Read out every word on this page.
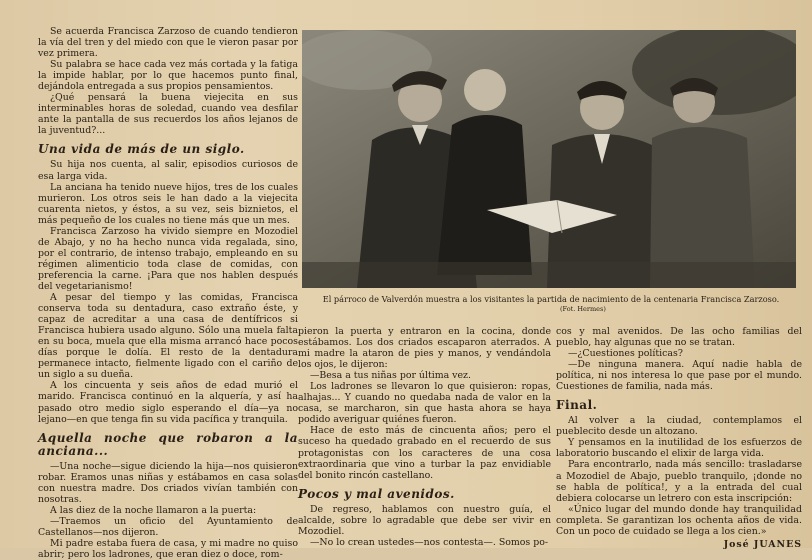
Se acuerda Francisca Zarzoso de cuando tendieron la vía del tren y del miedo con que le vieron pasar por vez primera.

Su palabra se hace cada vez más cortada y la fatiga la impide hablar, por lo que hacemos punto final, dejándola entregada a sus propios pensamientos.

¿Qué pensará la buena viejecita en sus interminables horas de soledad, cuando vea desfilar ante la pantalla de sus recuerdos los años lejanos de la juventud?...

Una vida de más de un siglo.

Su hija nos cuenta, al salir, episodios curiosos de esa larga vida.

La anciana ha tenido nueve hijos, tres de los cuales murieron. Los otros seis le han dado a la viejecita cuarenta nietos, y éstos, a su vez, seis biznietos, el más pequeño de los cuales no tiene más que un mes.

Francisca Zarzoso ha vivido siempre en Mozodiel de Abajo, y no ha hecho nunca vida regalada, sino, por el contrario, de intenso trabajo, empleando en su régimen alimenticio toda clase de comidas, con preferencia la carne. ¡Para que nos hablen después del vegetarianismo!

A pesar del tiempo y las comidas, Francisca conserva toda su dentadura, caso extraño éste, y capaz de acreditar a una casa de dentífricos si Francisca hubiera usado alguno. Sólo una muela falta en su boca, muela que ella misma arrancó hace pocos días porque le dolía. El resto de la dentadura permanece intacto, fielmente ligado con el cariño de un siglo a su dueña.

A los cincuenta y seis años de edad murió el marido. Francisca continuó en la alquería, y así ha pasado otro medio siglo esperando el día—ya no lejano—en que tenga fin su vida pacífica y tranquila.

Aquella noche que robaron a la anciana...

—Una noche—sigue diciendo la hija—nos quisieron robar. Eramos unas niñas y estábamos en casa solas con nuestra madre. Dos criados vivían también con nosotras.

A las diez de la noche llamaron a la puerta:

—Traemos un oficio del Ayuntamiento de Castellanos—nos dijeron.

Mi padre estaba fuera de casa, y mi madre no quiso abrir; pero los ladrones, que eran diez o doce, rom-

El párroco de Valverdón muestra a los visitantes la partida de nacimiento de la centenaria Francisca Zarzoso.
(Fot. Hermes)

pieron la puerta y entraron en la cocina, donde estábamos. Los dos criados escaparon aterrados. A mi madre la ataron de pies y manos, y vendándola los ojos, le dijeron:

—Besa a tus niñas por última vez.

Los ladrones se llevaron lo que quisieron: ropas, alhajas... Y cuando no quedaba nada de valor en la casa, se marcharon, sin que hasta ahora se haya podido averiguar quiénes fueron.

Hace de esto más de cincuenta años; pero el suceso ha quedado grabado en el recuerdo de sus protagonistas con los caracteres de una cosa extraordinaria que vino a turbar la paz envidiable del bonito rincón castellano.

Pocos y mal avenidos.

De regreso, hablamos con nuestro guía, el alcalde, sobre lo agradable que debe ser vivir en Mozodiel.

—No lo crean ustedes—nos contesta—. Somos po-

cos y mal avenidos. De las ocho familias del pueblo, hay algunas que no se tratan.

—¿Cuestiones políticas?

—De ninguna manera. Aquí nadie habla de política, ni nos interesa lo que pase por el mundo. Cuestiones de familia, nada más.

Final.

Al volver a la ciudad, contemplamos el pueblecito desde un altozano.

Y pensamos en la inutilidad de los esfuerzos de laboratorio buscando el elixir de larga vida.

Para encontrarlo, nada más sencillo: trasladarse a Mozodiel de Abajo, pueblo tranquilo, ¡donde no se habla de política!, y a la entrada del cual debiera colocarse un letrero con esta inscripción:

«Único lugar del mundo donde hay tranquilidad completa. Se garantizan los ochenta años de vida. Con un poco de cuidado se llega a los cien.»

José JUANES
